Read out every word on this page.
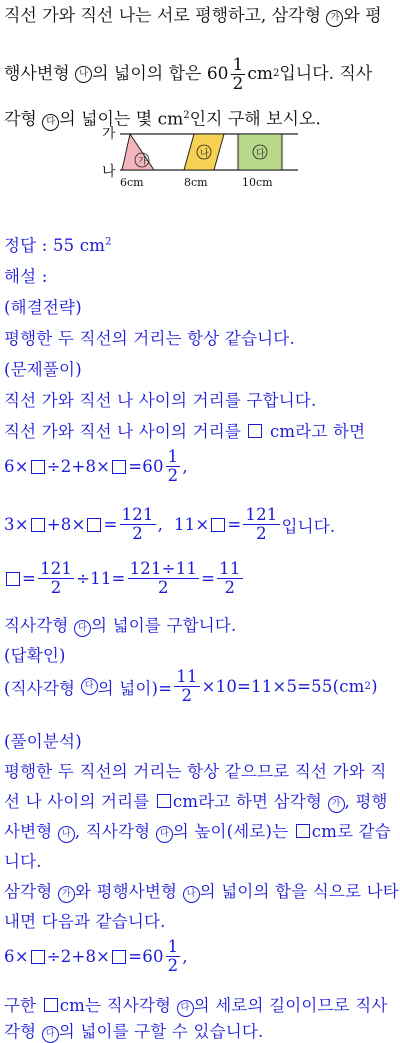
직선 가와 직선 나는 서로 평행하고, 삼각형 가 와 평
행사변형
	나 의 넓이의 합은
$60 \frac{1}{2}$ cm 2 입니다. 직사
각형 다 의 넓이는 몇 $cm^2$인지 구해 보시오.
가
나
가
나	다
6cm	8cm	10cm
정답 : 55 $cm^2$
해설 :
(해결전략)
평행한 두 직선의 거리는 항상 같습니다.
(문제풀이)
직선 가와 직선 나 사이의 거리를 구합니다.
직선 가와 직선 나 사이의 거리를 cm라고 하면
$6\times \div 2+8\times = 60 \frac{1}{2}$ ,
$3\times +8\times = \frac{121}{2}$ ,  $11\times = \frac{121}{2}$ 입니다.
= $\frac{121}{2} \div 11= \frac{121\div 11}{2} = \frac{11}{2}$
직사각형 다 의 넓이를 구합니다.
(답확인)
(직사각형
	다 의 넓이)= $\frac{11}{2} \times 10=11\times 5=55(cm$ 2 )
(풀이분석)
평행한 두 직선의 거리는 항상 같으므로 직선 가와 직
선 나 사이의 거리를 cm라고 하면 삼각형 가 , 평행
사변형 나 , 직사각형 다 의 높이(세로)는 cm로 같습
니다.
삼각형 가 와 평행사변형 나 의 넓이의 합을 식으로 나타
내면 다음과 같습니다.
$6\times \div 2+8\times = 60 \frac{1}{2}$ ,
구한 cm는 직사각형 다 의 세로의 길이이므로 직사
각형 다 의 넓이를 구할 수 있습니다.
